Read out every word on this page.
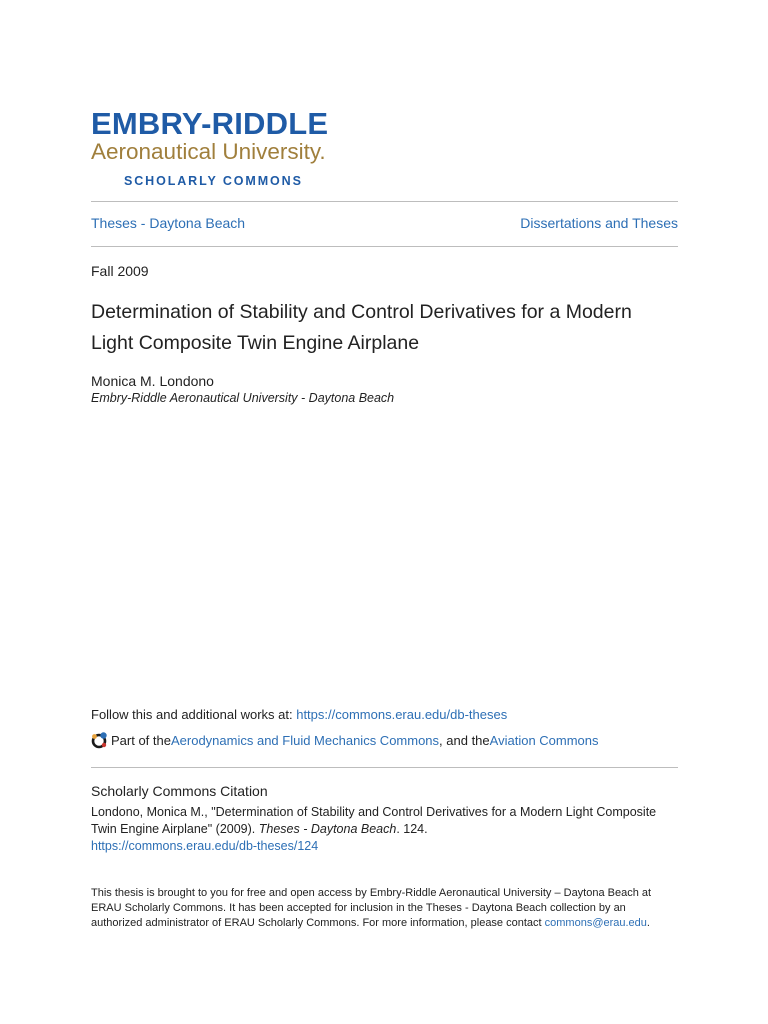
EMBRY-RIDDLE
Aeronautical University.
SCHOLARLY COMMONS
Theses - Daytona Beach	Dissertations and Theses
Fall 2009
Determination of Stability and Control Derivatives for a Modern Light Composite Twin Engine Airplane
Monica M. Londono
Embry-Riddle Aeronautical University - Daytona Beach
Follow this and additional works at: https://commons.erau.edu/db-theses
Part of the Aerodynamics and Fluid Mechanics Commons , and the Aviation Commons
Scholarly Commons Citation
Londono, Monica M., "Determination of Stability and Control Derivatives for a Modern Light Composite Twin Engine Airplane" (2009). Theses - Daytona Beach. 124.
https://commons.erau.edu/db-theses/124
This thesis is brought to you for free and open access by Embry-Riddle Aeronautical University – Daytona Beach at ERAU Scholarly Commons. It has been accepted for inclusion in the Theses - Daytona Beach collection by an authorized administrator of ERAU Scholarly Commons. For more information, please contact commons@erau.edu.
